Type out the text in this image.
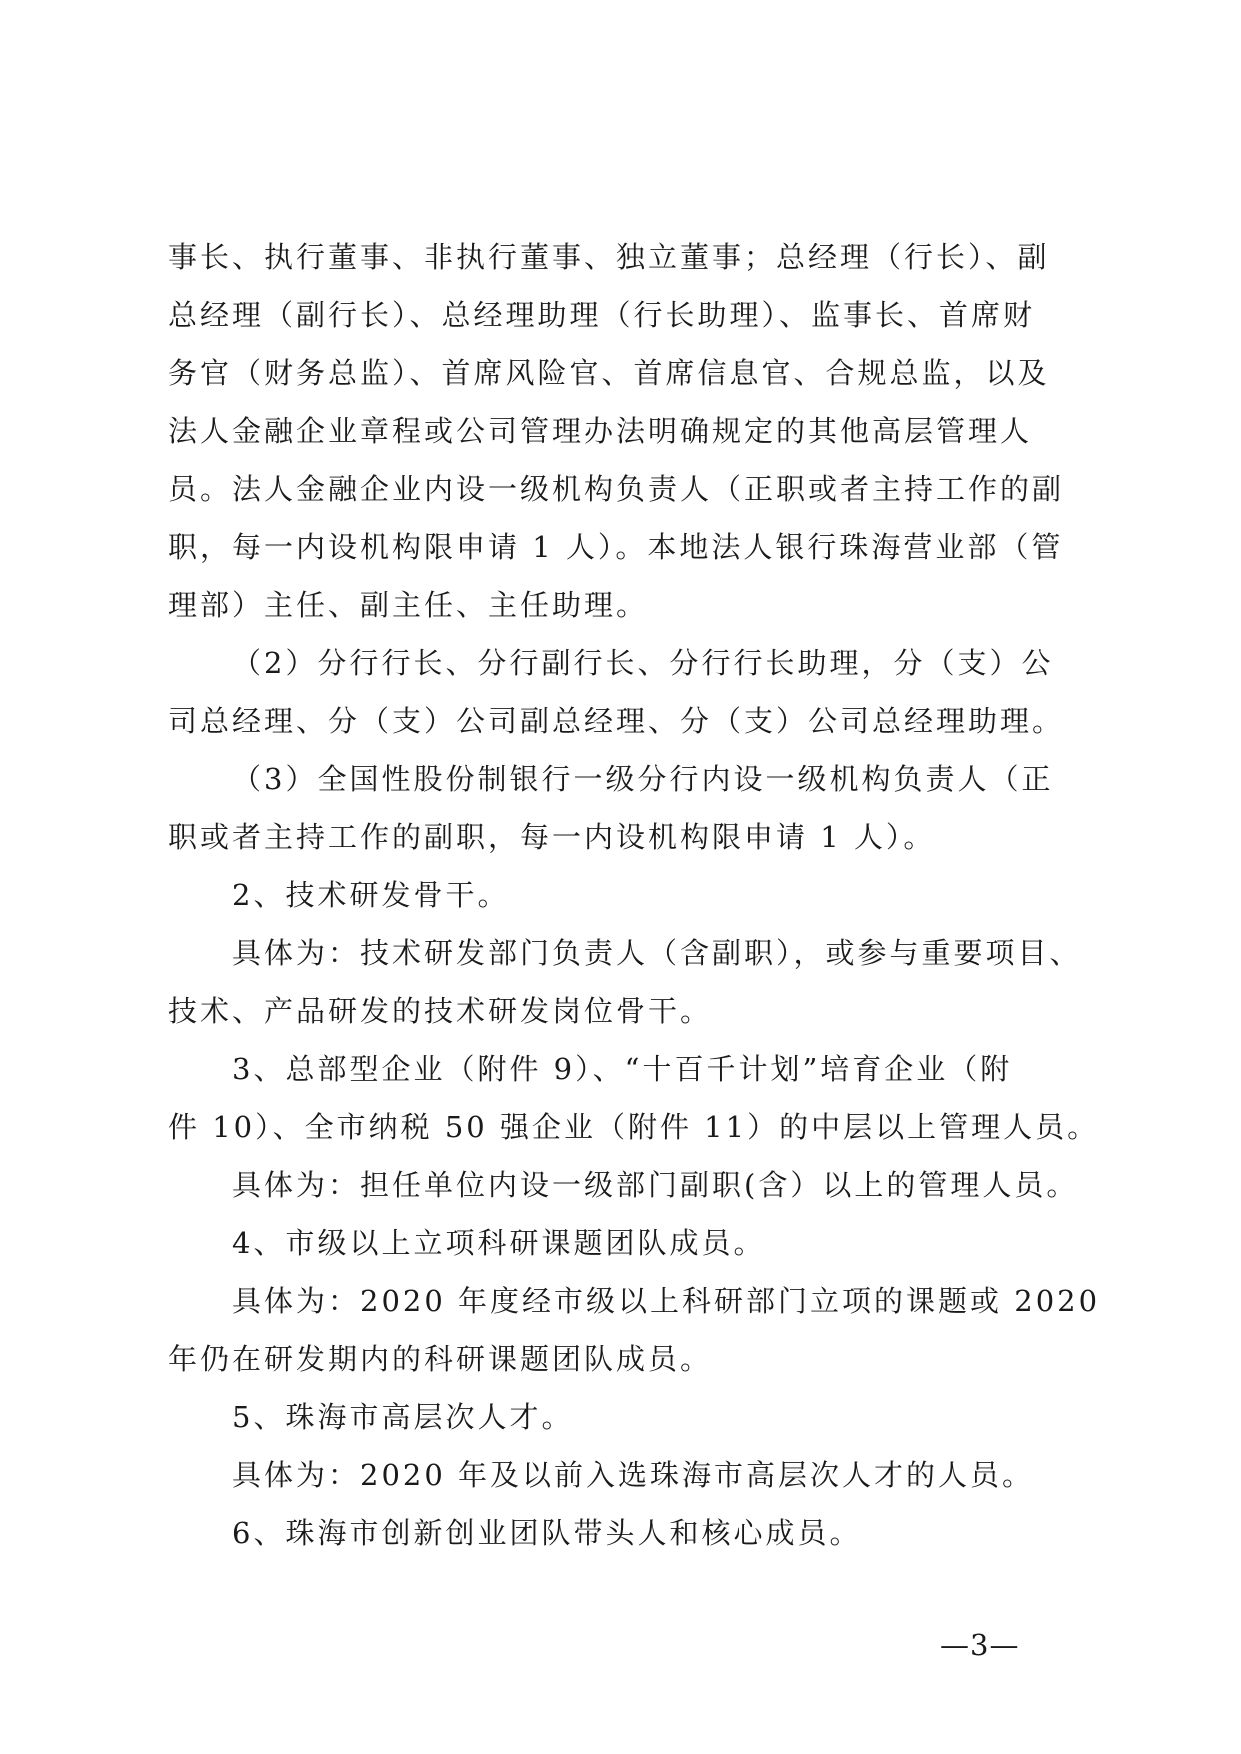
事长、执行董事、非执行董事、独立董事；总经理（行长）、副
总经理（副行长）、总经理助理（行长助理）、监事长、首席财
务官（财务总监）、首席风险官、首席信息官、合规总监，以及
法人金融企业章程或公司管理办法明确规定的其他高层管理人
员。法人金融企业内设一级机构负责人（正职或者主持工作的副
职，每一内设机构限申请 1 人）。本地法人银行珠海营业部（管
理部）主任、副主任、主任助理。
（2）分行行长、分行副行长、分行行长助理，分（支）公
司总经理、分（支）公司副总经理、分（支）公司总经理助理。
（3）全国性股份制银行一级分行内设一级机构负责人（正
职或者主持工作的副职，每一内设机构限申请 1 人）。
2、技术研发骨干。
具体为：技术研发部门负责人（含副职），或参与重要项目、
技术、产品研发的技术研发岗位骨干。
3、总部型企业（附件 9）、“十百千计划”培育企业（附
件 10）、全市纳税 50 强企业（附件 11）的中层以上管理人员。
具体为：担任单位内设一级部门副职(含）以上的管理人员。
4、市级以上立项科研课题团队成员。
具体为：2020 年度经市级以上科研部门立项的课题或 2020
年仍在研发期内的科研课题团队成员。
5、珠海市高层次人才。
具体为：2020 年及以前入选珠海市高层次人才的人员。
6、珠海市创新创业团队带头人和核心成员。

—3—
